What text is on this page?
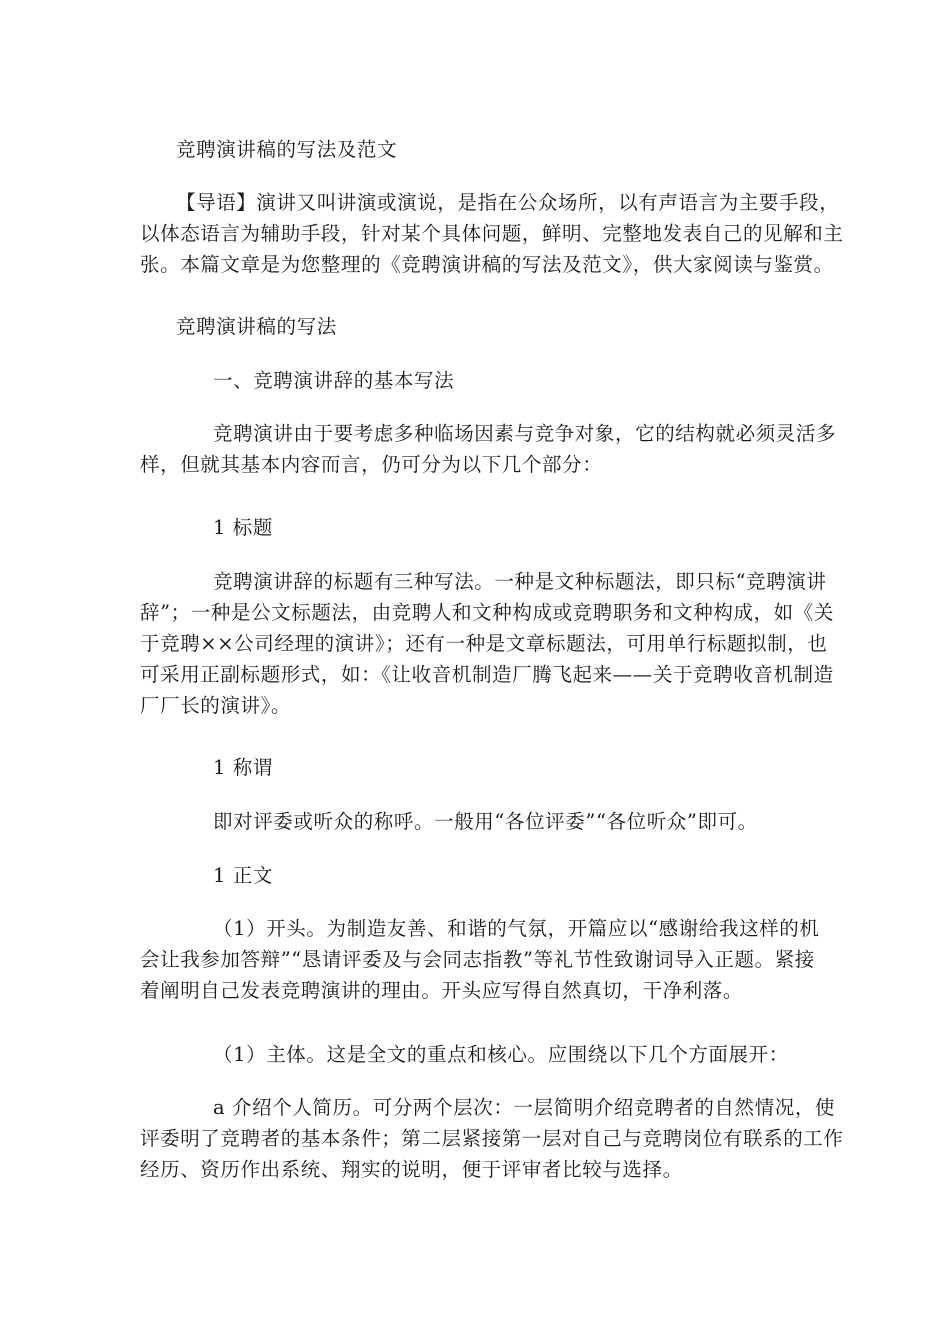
竞聘演讲稿的写法及范文

【导语】演讲又叫讲演或演说，是指在公众场所，以有声语言为主要手段，
以体态语言为辅助手段，针对某个具体问题，鲜明、完整地发表自己的见解和主
张。本篇文章是为您整理的《竞聘演讲稿的写法及范文》，供大家阅读与鉴赏。

竞聘演讲稿的写法

一、竞聘演讲辞的基本写法

竞聘演讲由于要考虑多种临场因素与竞争对象，它的结构就必须灵活多
样，但就其基本内容而言，仍可分为以下几个部分：

1 标题

竞聘演讲辞的标题有三种写法。一种是文种标题法，即只标“竞聘演讲
辞”；一种是公文标题法，由竞聘人和文种构成或竞聘职务和文种构成，如《关
于竞聘××公司经理的演讲》；还有一种是文章标题法，可用单行标题拟制，也
可采用正副标题形式，如：《让收音机制造厂腾飞起来——关于竞聘收音机制造
厂厂长的演讲》。

1 称谓

即对评委或听众的称呼。一般用“各位评委”“各位听众”即可。

1 正文

（1）开头。为制造友善、和谐的气氛，开篇应以“感谢给我这样的机
会让我参加答辩”“恳请评委及与会同志指教”等礼节性致谢词导入正题。紧接
着阐明自己发表竞聘演讲的理由。开头应写得自然真切，干净利落。

（1）主体。这是全文的重点和核心。应围绕以下几个方面展开：

a 介绍个人简历。可分两个层次：一层简明介绍竞聘者的自然情况，使
评委明了竞聘者的基本条件；第二层紧接第一层对自己与竞聘岗位有联系的工作
经历、资历作出系统、翔实的说明，便于评审者比较与选择。
